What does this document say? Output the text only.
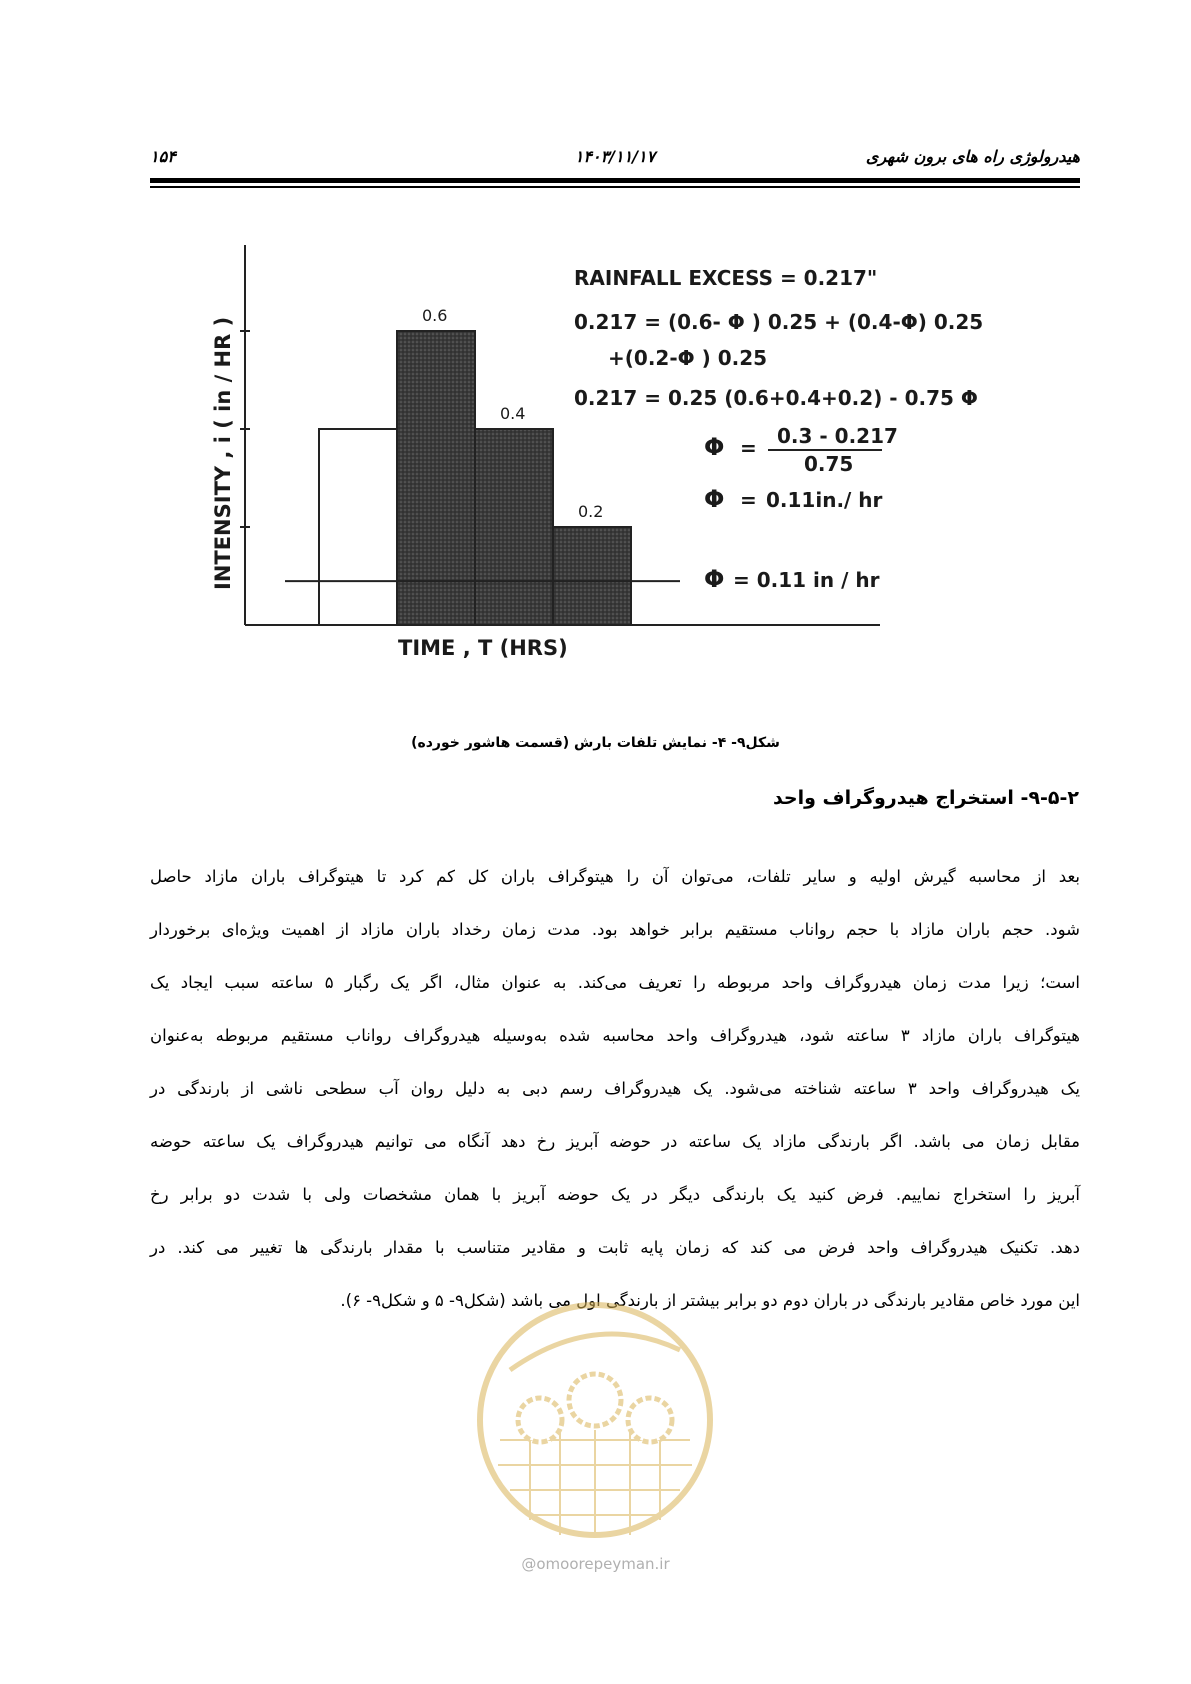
هیدرولوژی راه های برون شهری
۱۴۰۳/۱۱/۱۷
۱۵۴
0.6
0.4
0.2
INTENSITY , i ( in / HR )
RAINFALL EXCESS = 0.217"
0.217 = (0.6- Φ ) 0.25 + (0.4-Φ) 0.25
+(0.2-Φ ) 0.25
0.217 = 0.25 (0.6+0.4+0.2) - 0.75 Φ
Φ = 0.3 - 0.217
0.75
Φ = 0.11in./ hr
Φ = 0.11 in / hr
TIME , T (HRS)
شکل۹- ۴- نمایش تلفات بارش (قسمت هاشور خورده)
۹-۵-۲- استخراج هیدروگراف واحد
بعد از محاسبه گیرش اولیه و سایر تلفات، می‌توان آن را هیتوگراف باران کل کم کرد تا هیتوگراف باران مازاد حاصل
شود. حجم باران مازاد با حجم رواناب مستقیم برابر خواهد بود. مدت زمان رخداد باران مازاد از اهمیت ویژه‌ای برخوردار
است؛ زیرا مدت زمان هیدروگراف واحد مربوطه را تعریف می‌کند. به عنوان مثال، اگر یک رگبار ۵ ساعته سبب ایجاد یک
هیتوگراف باران مازاد ۳ ساعته شود، هیدروگراف واحد محاسبه شده به‌وسیله هیدروگراف رواناب مستقیم مربوطه به‌عنوان
یک هیدروگراف واحد ۳ ساعته شناخته می‌شود. یک هیدروگراف رسم دبی به دلیل روان آب سطحی ناشی از بارندگی در
مقابل زمان می باشد. اگر بارندگی مازاد یک ساعته در حوضه آبریز رخ دهد آنگاه می توانیم هیدروگراف یک ساعته حوضه
آبریز را استخراج نماییم. فرض کنید یک بارندگی دیگر در یک حوضه آبریز با همان مشخصات ولی با شدت دو برابر رخ
دهد. تکنیک هیدروگراف واحد فرض می کند که زمان پایه ثابت و مقادیر متناسب با مقدار بارندگی ها تغییر می کند. در
این مورد خاص مقادیر بارندگی در باران دوم دو برابر بیشتر از بارندگی اول می باشد (شکل۹- ۵ و شکل۹- ۶).
@omoorepeyman.ir
